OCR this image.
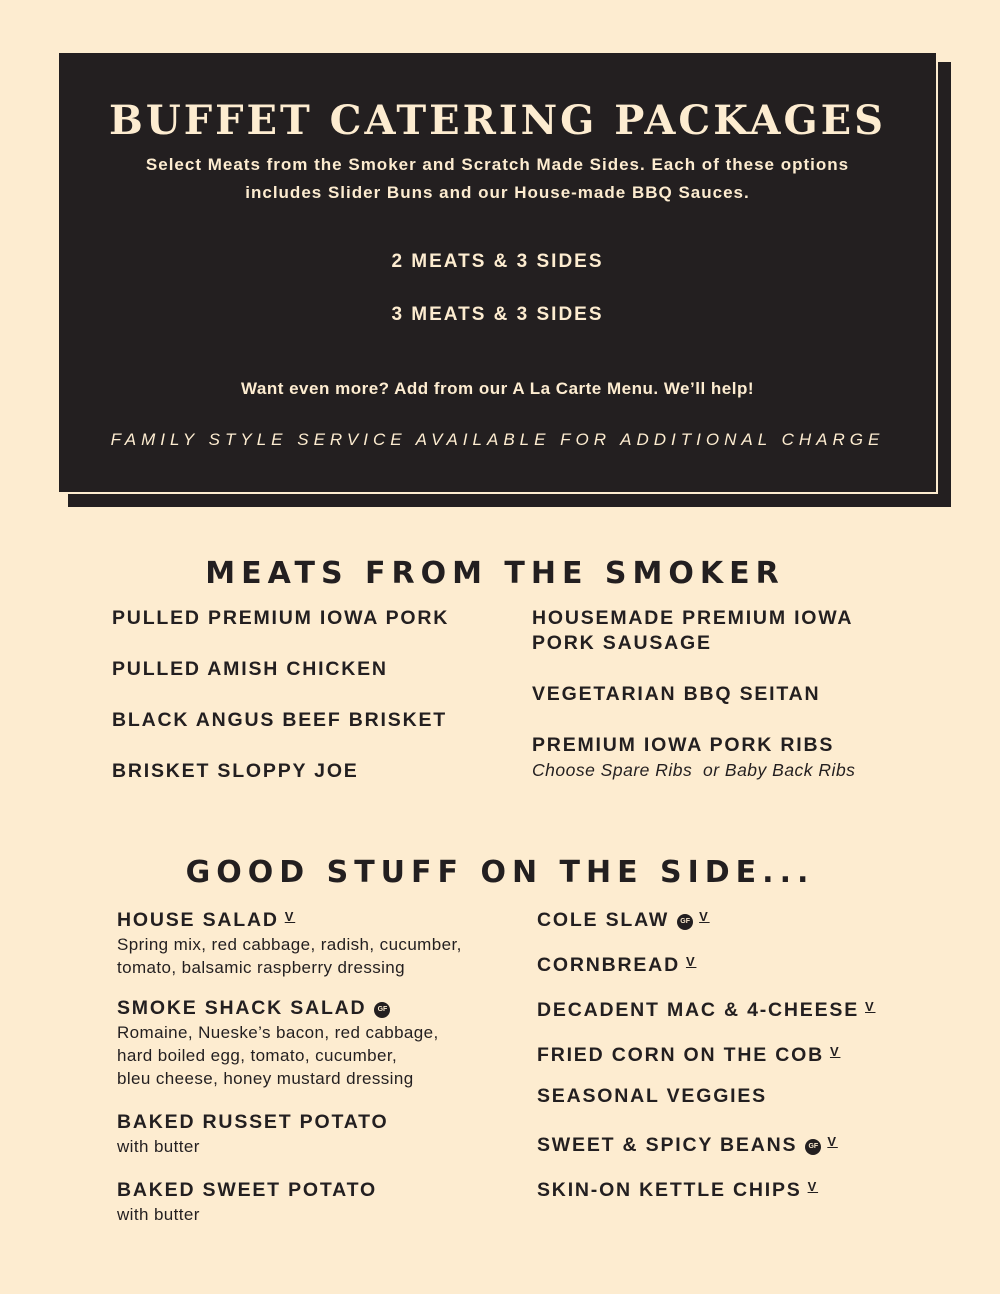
BUFFET CATERING PACKAGES
Select Meats from the Smoker and Scratch Made Sides. Each of these options includes Slider Buns and our House-made BBQ Sauces.
2 MEATS & 3 SIDES
3 MEATS & 3 SIDES
Want even more? Add from our A La Carte Menu. We’ll help!
FAMILY STYLE SERVICE AVAILABLE FOR ADDITIONAL CHARGE
MEATS FROM THE SMOKER
PULLED PREMIUM IOWA PORK
PULLED AMISH CHICKEN
BLACK ANGUS BEEF BRISKET
BRISKET SLOPPY JOE
HOUSEMADE PREMIUM IOWA
PORK SAUSAGE
VEGETARIAN BBQ SEITAN
PREMIUM IOWA PORK RIBS
Choose Spare Ribs  or Baby Back Ribs
GOOD STUFF ON THE SIDE...
HOUSE SALAD $^V$
Spring mix, red cabbage, radish, cucumber,
tomato, balsamic raspberry dressing
SMOKE SHACK SALAD GF
Romaine, Nueske’s bacon, red cabbage,
hard boiled egg, tomato, cucumber,
bleu cheese, honey mustard dressing
BAKED RUSSET POTATO
with butter
BAKED SWEET POTATO
with butter
COLE SLAW GF $^V$
CORNBREAD $^V$
DECADENT MAC & 4-CHEESE $^V$
FRIED CORN ON THE COB $^V$
SEASONAL VEGGIES
SWEET & SPICY BEANS GF $^V$
SKIN-ON KETTLE CHIPS $^V$
